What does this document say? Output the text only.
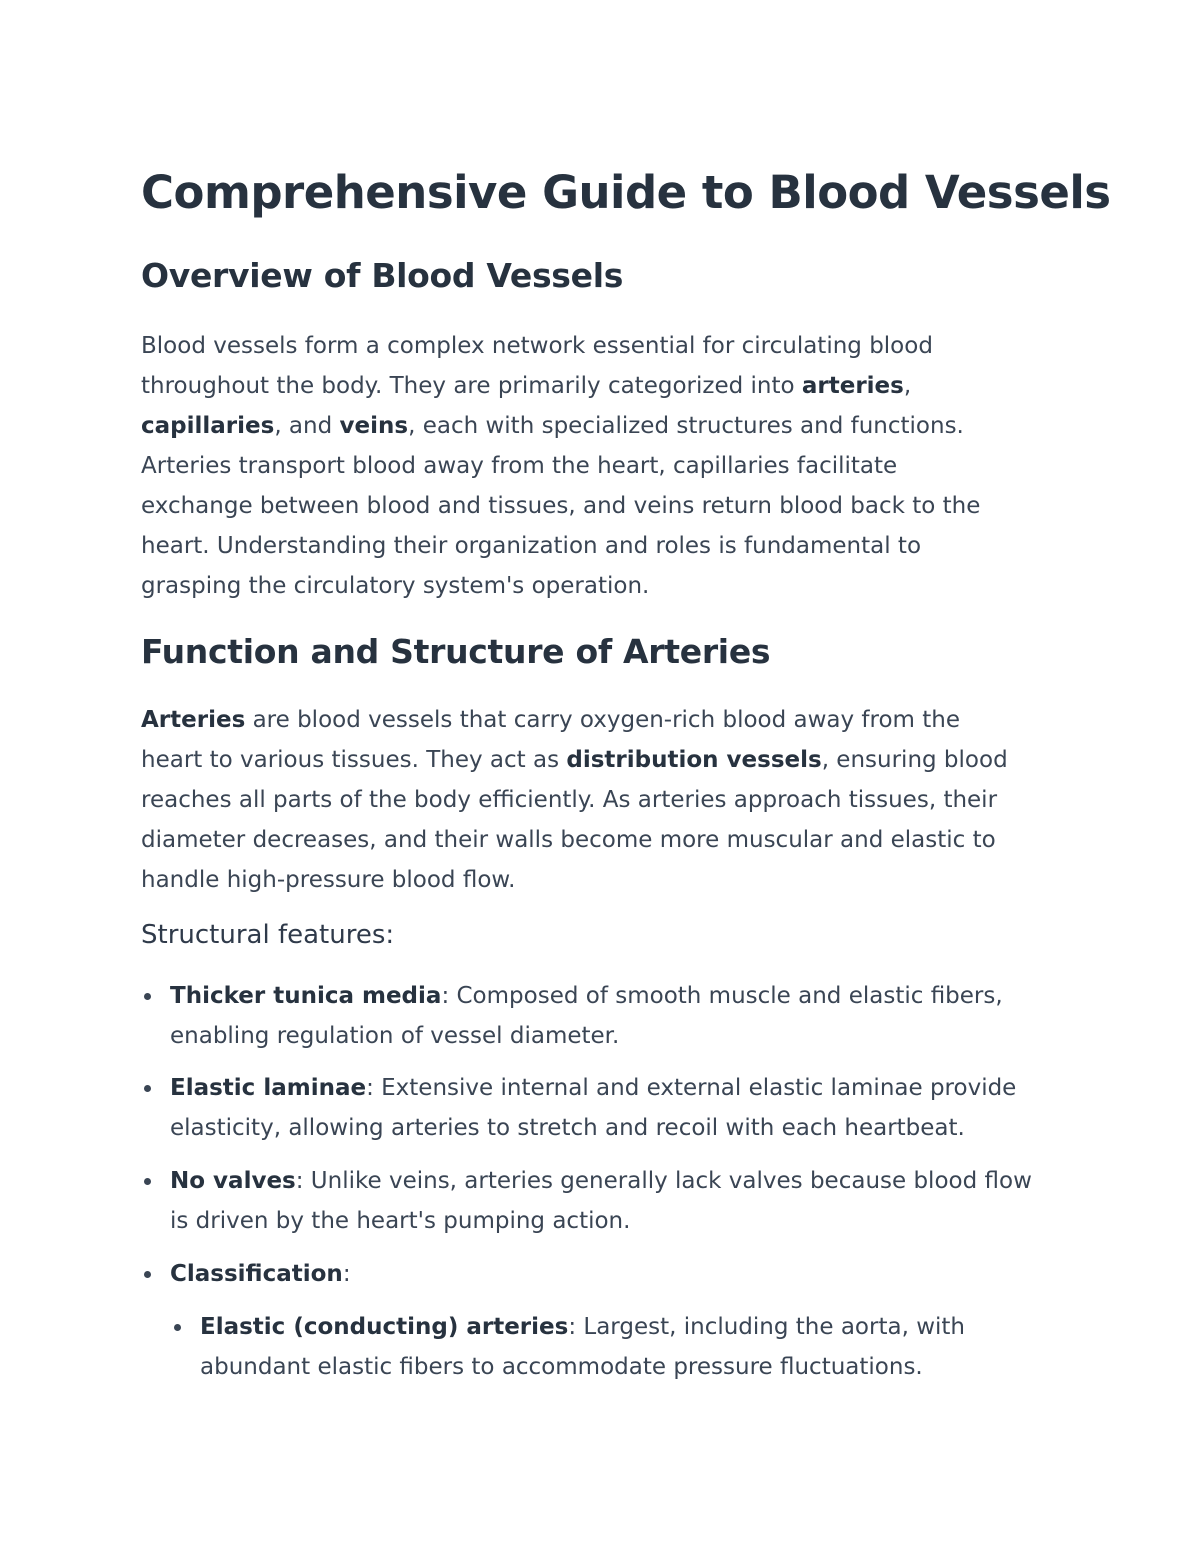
Comprehensive Guide to Blood Vessels
Overview of Blood Vessels
Blood vessels form a complex network essential for circulating blood
throughout the body. They are primarily categorized into arteries,
capillaries, and veins, each with specialized structures and functions.
Arteries transport blood away from the heart, capillaries facilitate
exchange between blood and tissues, and veins return blood back to the
heart. Understanding their organization and roles is fundamental to
grasping the circulatory system's operation.
Function and Structure of Arteries
Arteries are blood vessels that carry oxygen-rich blood away from the
heart to various tissues. They act as distribution vessels, ensuring blood
reaches all parts of the body efficiently. As arteries approach tissues, their
diameter decreases, and their walls become more muscular and elastic to
handle high-pressure blood flow.
Structural features:
Thicker tunica media: Composed of smooth muscle and elastic fibers,
enabling regulation of vessel diameter.
Elastic laminae: Extensive internal and external elastic laminae provide
elasticity, allowing arteries to stretch and recoil with each heartbeat.
No valves: Unlike veins, arteries generally lack valves because blood flow
is driven by the heart's pumping action.
Classification:
Elastic (conducting) arteries: Largest, including the aorta, with
abundant elastic fibers to accommodate pressure fluctuations.
